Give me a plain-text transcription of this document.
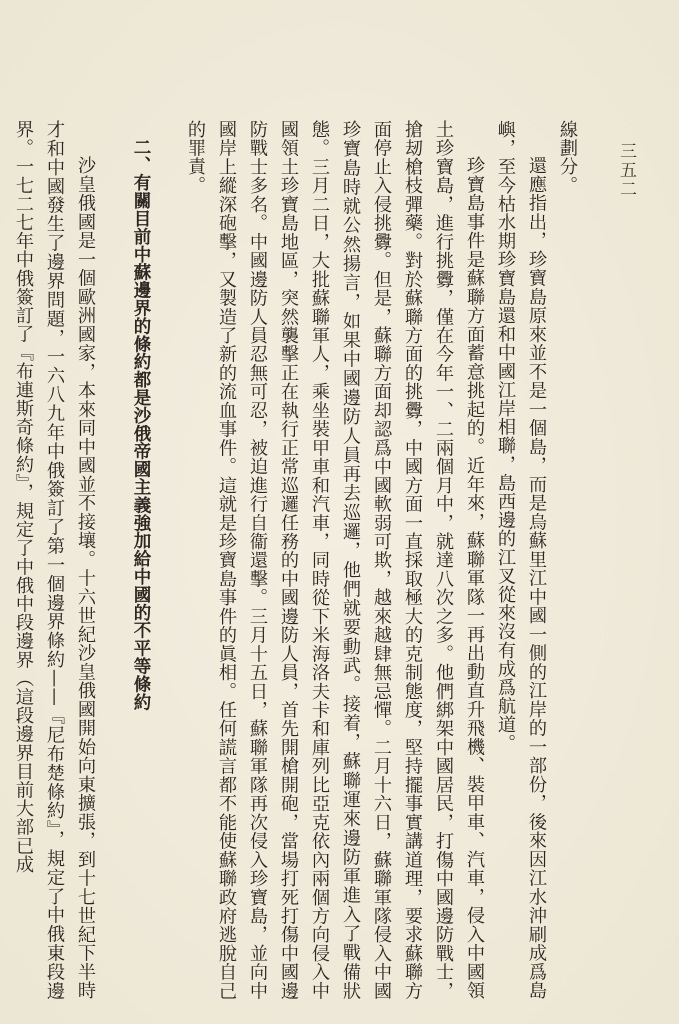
三五二

線劃分。

還應指出，珍寶島原來並不是一個島，而是烏蘇里江中國一側的江岸的一部份，後來因江水沖刷成爲島嶼，至今枯水期珍寶島還和中國江岸相聯，島西邊的江叉從來沒有成爲航道。

珍寶島事件是蘇聯方面蓄意挑起的。近年來，蘇聯軍隊一再出動直升飛機、裝甲車、汽車，侵入中國領土珍寶島，進行挑釁，僅在今年一、二兩個月中，就達八次之多。他們綁架中國居民，打傷中國邊防戰士，搶刼槍枝彈藥。對於蘇聯方面的挑釁，中國方面一直採取極大的克制態度，堅持擺事實講道理，要求蘇聯方面停止入侵挑釁。但是，蘇聯方面却認爲中國軟弱可欺，越來越肆無忌憚。二月十六日，蘇聯軍隊侵入中國珍寶島時就公然揚言，如果中國邊防人員再去巡邏，他們就要動武。接着，蘇聯運來邊防軍進入了戰備狀態。三月二日，大批蘇聯軍人，乘坐裝甲車和汽車，同時從下米海洛夫卡和庫列比亞克依內兩個方向侵入中國領土珍寶島地區，突然襲擊正在執行正常巡邏任務的中國邊防人員，首先開槍開砲，當場打死打傷中國邊防戰士多名。中國邊防人員忍無可忍，被迫進行自衞還擊。三月十五日，蘇聯軍隊再次侵入珍寶島，並向中國岸上縱深砲擊，又製造了新的流血事件。這就是珍寶島事件的眞相。任何謊言都不能使蘇聯政府逃脫自己的罪責。

二、有關目前中蘇邊界的條約都是沙俄帝國主義強加給中國的不平等條約

沙皇俄國是一個歐洲國家，本來同中國並不接壤。十六世紀沙皇俄國開始向東擴張，到十七世紀下半時才和中國發生了邊界問題，一六八九年中俄簽訂了第一個邊界條約——『尼布楚條約』，規定了中俄東段邊界。一七二七年中俄簽訂了『布連斯奇條約』，規定了中俄中段邊界（這段邊界目前大部已成
